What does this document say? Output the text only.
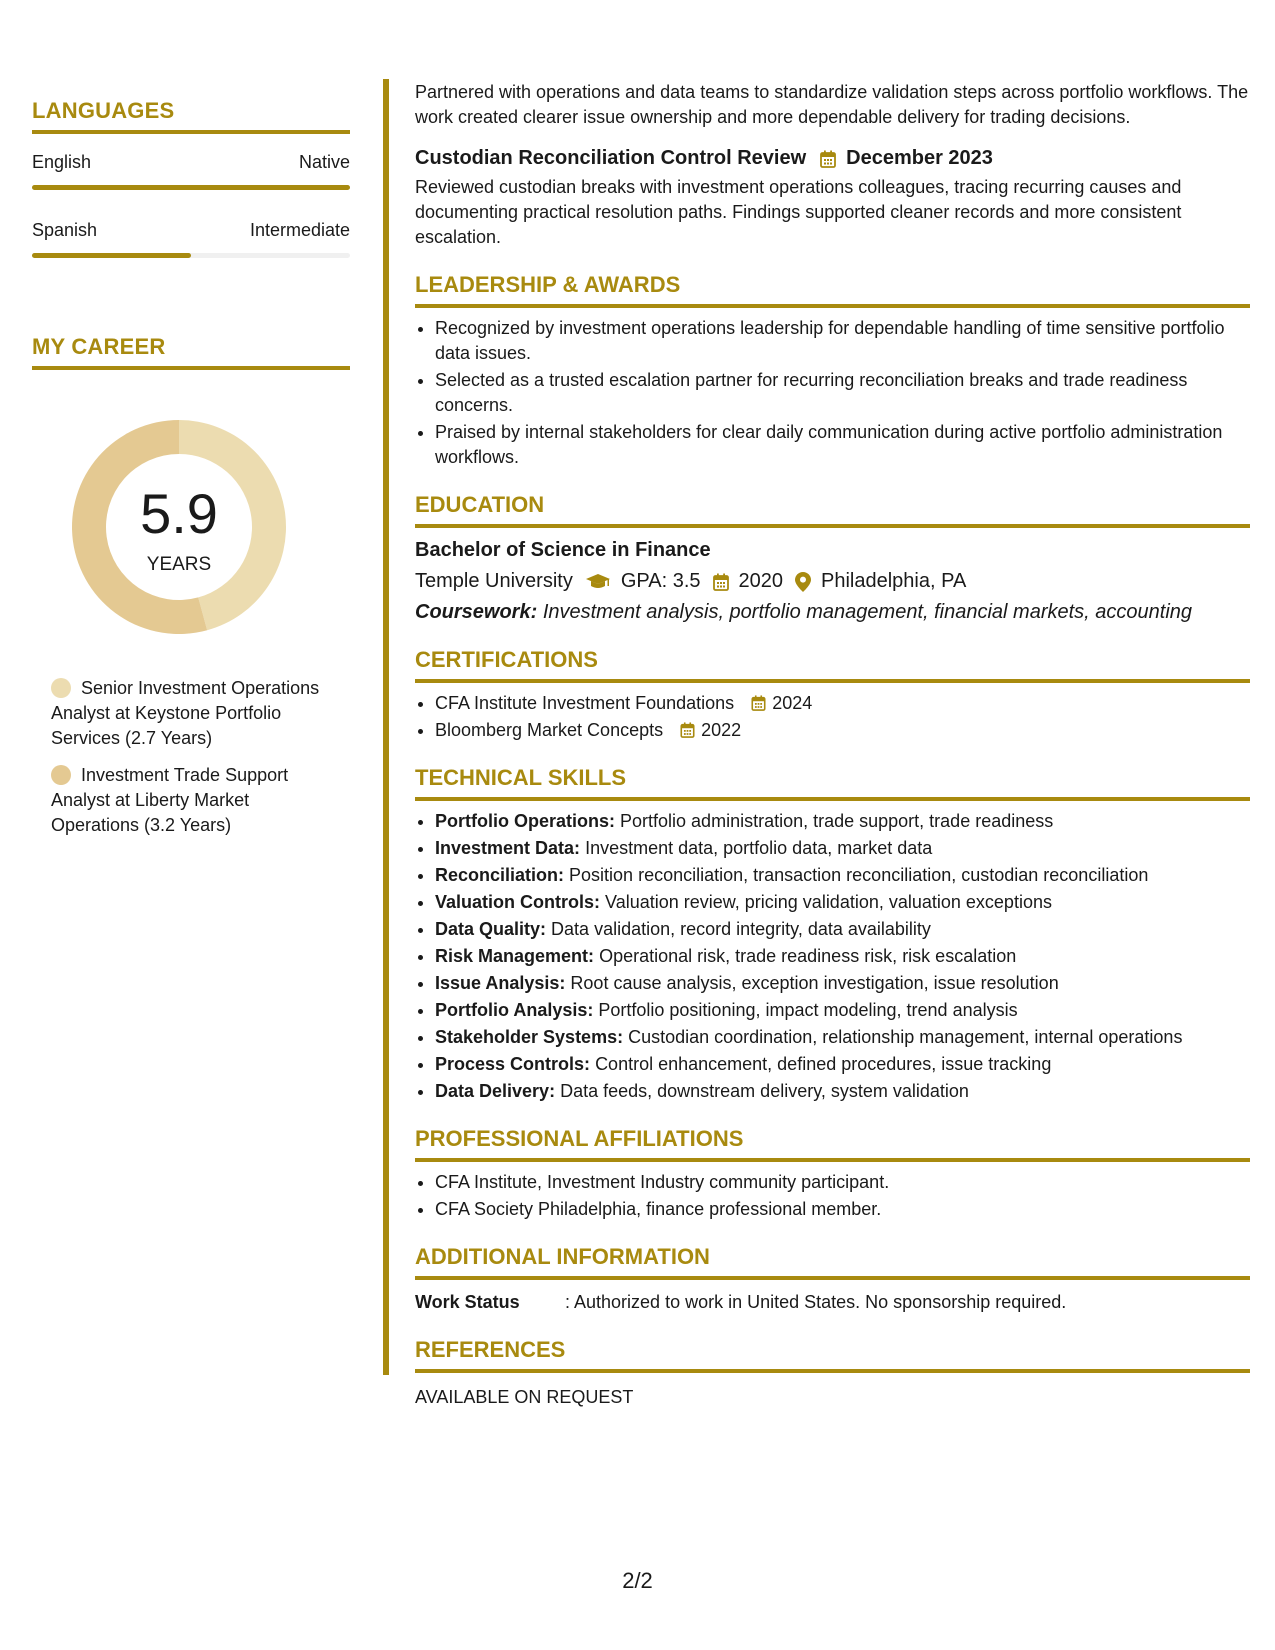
LANGUAGES
English	Native
Spanish	Intermediate
MY CAREER
5.9
YEARS
Senior Investment Operations Analyst at Keystone Portfolio Services (2.7 Years)
Investment Trade Support Analyst at Liberty Market Operations (3.2 Years)

Partnered with operations and data teams to standardize validation steps across portfolio workflows. The work created clearer issue ownership and more dependable delivery for trading decisions.

Custodian Reconciliation Control Review December 2023

Reviewed custodian breaks with investment operations colleagues, tracing recurring causes and documenting practical resolution paths. Findings supported cleaner records and more consistent escalation.

LEADERSHIP & AWARDS
• Recognized by investment operations leadership for dependable handling of time sensitive portfolio data issues.
• Selected as a trusted escalation partner for recurring reconciliation breaks and trade readiness concerns.
• Praised by internal stakeholders for clear daily communication during active portfolio administration workflows.
EDUCATION
Bachelor of Science in Finance
Temple University GPA: 3.5 2020 Philadelphia, PA
Coursework: Investment analysis, portfolio management, financial markets, accounting
CERTIFICATIONS
• CFA Institute Investment Foundations 2024
• Bloomberg Market Concepts 2022
TECHNICAL SKILLS
• Portfolio Operations: Portfolio administration, trade support, trade readiness
• Investment Data: Investment data, portfolio data, market data
• Reconciliation: Position reconciliation, transaction reconciliation, custodian reconciliation
• Valuation Controls: Valuation review, pricing validation, valuation exceptions
• Data Quality: Data validation, record integrity, data availability
• Risk Management: Operational risk, trade readiness risk, risk escalation
• Issue Analysis: Root cause analysis, exception investigation, issue resolution
• Portfolio Analysis: Portfolio positioning, impact modeling, trend analysis
• Stakeholder Systems: Custodian coordination, relationship management, internal operations
• Process Controls: Control enhancement, defined procedures, issue tracking
• Data Delivery: Data feeds, downstream delivery, system validation
PROFESSIONAL AFFILIATIONS
• CFA Institute, Investment Industry community participant.
• CFA Society Philadelphia, finance professional member.
ADDITIONAL INFORMATION
Work Status	: Authorized to work in United States. No sponsorship required.
REFERENCES
AVAILABLE ON REQUEST
2/2
